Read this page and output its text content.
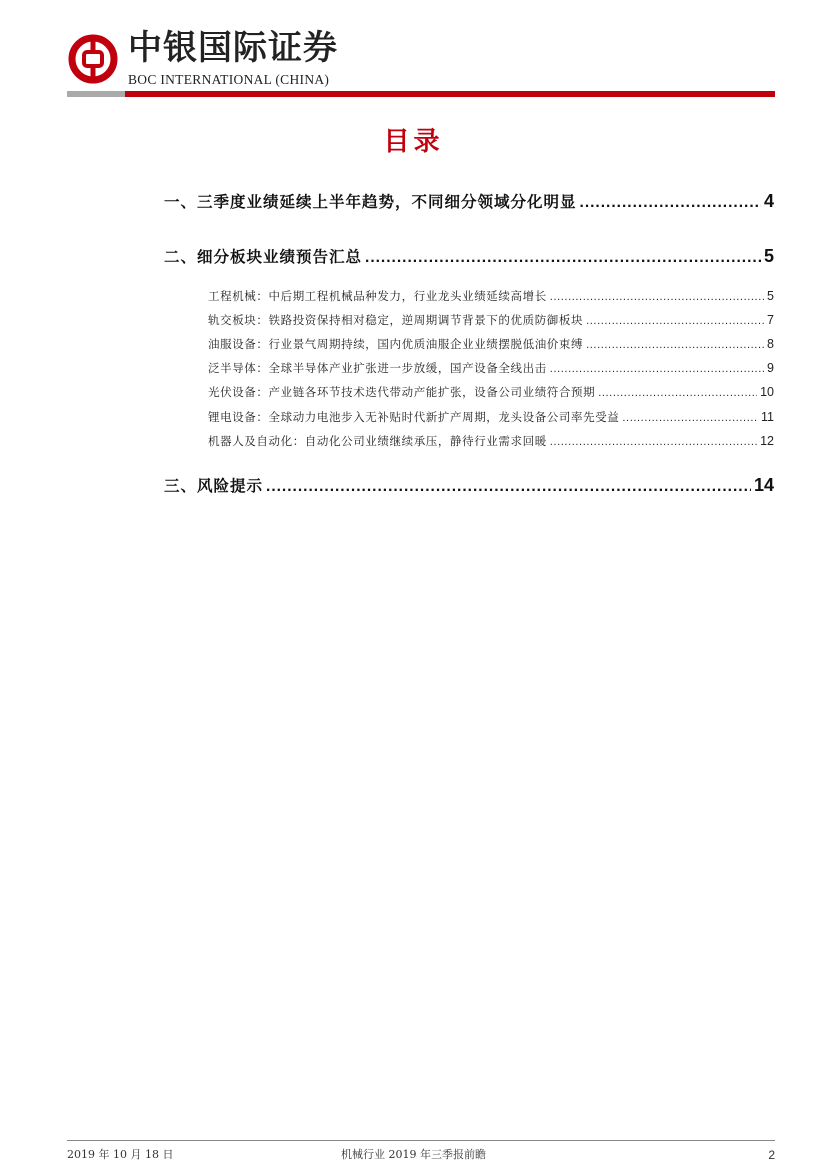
中银国际证券
BOC INTERNATIONAL (CHINA)
目录
一、三季度业绩延续上半年趋势，不同细分领域分化明显 .....	4
二、细分板块业绩预告汇总 .....	5
工程机械：中后期工程机械品种发力，行业龙头业绩延续高增长 .....	5
轨交板块：铁路投资保持相对稳定，逆周期调节背景下的优质防御板块 .....	7
油服设备：行业景气周期持续，国内优质油服企业业绩摆脱低油价束缚 .....	8
泛半导体：全球半导体产业扩张进一步放缓，国产设备全线出击 .....	9
光伏设备：产业链各环节技术迭代带动产能扩张，设备公司业绩符合预期 .....	10
锂电设备：全球动力电池步入无补贴时代新扩产周期，龙头设备公司率先受益 .....	11
机器人及自动化：自动化公司业绩继续承压，静待行业需求回暖 .....	12
三、风险提示 .....	14
2019 年 10 月 18 日	机械行业 2019 年三季报前瞻	2
